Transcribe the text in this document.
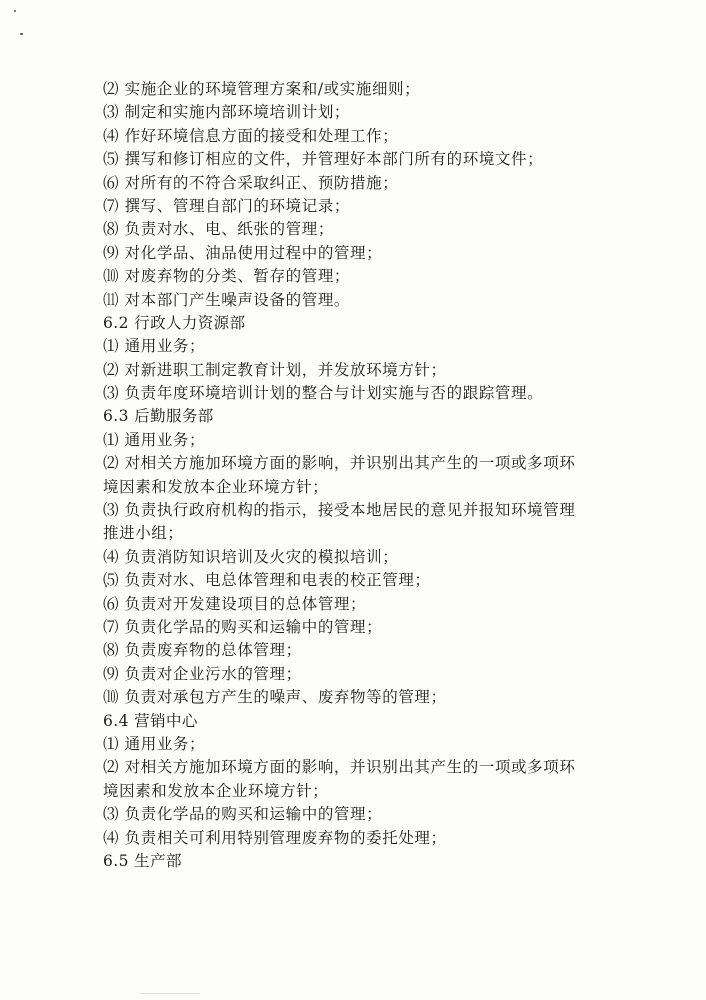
⑵ 实施企业的环境管理方案和/或实施细则；
⑶ 制定和实施内部环境培训计划；
⑷ 作好环境信息方面的接受和处理工作；
⑸ 撰写和修订相应的文件，并管理好本部门所有的环境文件；
⑹ 对所有的不符合采取纠正、预防措施；
⑺ 撰写、管理自部门的环境记录；
⑻ 负责对水、电、纸张的管理；
⑼ 对化学品、油品使用过程中的管理；
⑽ 对废弃物的分类、暂存的管理；
⑾ 对本部门产生噪声设备的管理。
6.2 行政人力资源部
⑴ 通用业务；
⑵ 对新进职工制定教育计划，并发放环境方针；
⑶ 负责年度环境培训计划的整合与计划实施与否的跟踪管理。
6.3 后勤服务部
⑴ 通用业务；
⑵ 对相关方施加环境方面的影响，并识别出其产生的一项或多项环
境因素和发放本企业环境方针；
⑶ 负责执行政府机构的指示，接受本地居民的意见并报知环境管理
推进小组；
⑷ 负责消防知识培训及火灾的模拟培训；
⑸ 负责对水、电总体管理和电表的校正管理；
⑹ 负责对开发建设项目的总体管理；
⑺ 负责化学品的购买和运输中的管理；
⑻ 负责废弃物的总体管理；
⑼ 负责对企业污水的管理；
⑽ 负责对承包方产生的噪声、废弃物等的管理；
6.4 营销中心
⑴ 通用业务；
⑵ 对相关方施加环境方面的影响，并识别出其产生的一项或多项环
境因素和发放本企业环境方针；
⑶ 负责化学品的购买和运输中的管理；
⑷ 负责相关可利用特别管理废弃物的委托处理；
6.5 生产部
